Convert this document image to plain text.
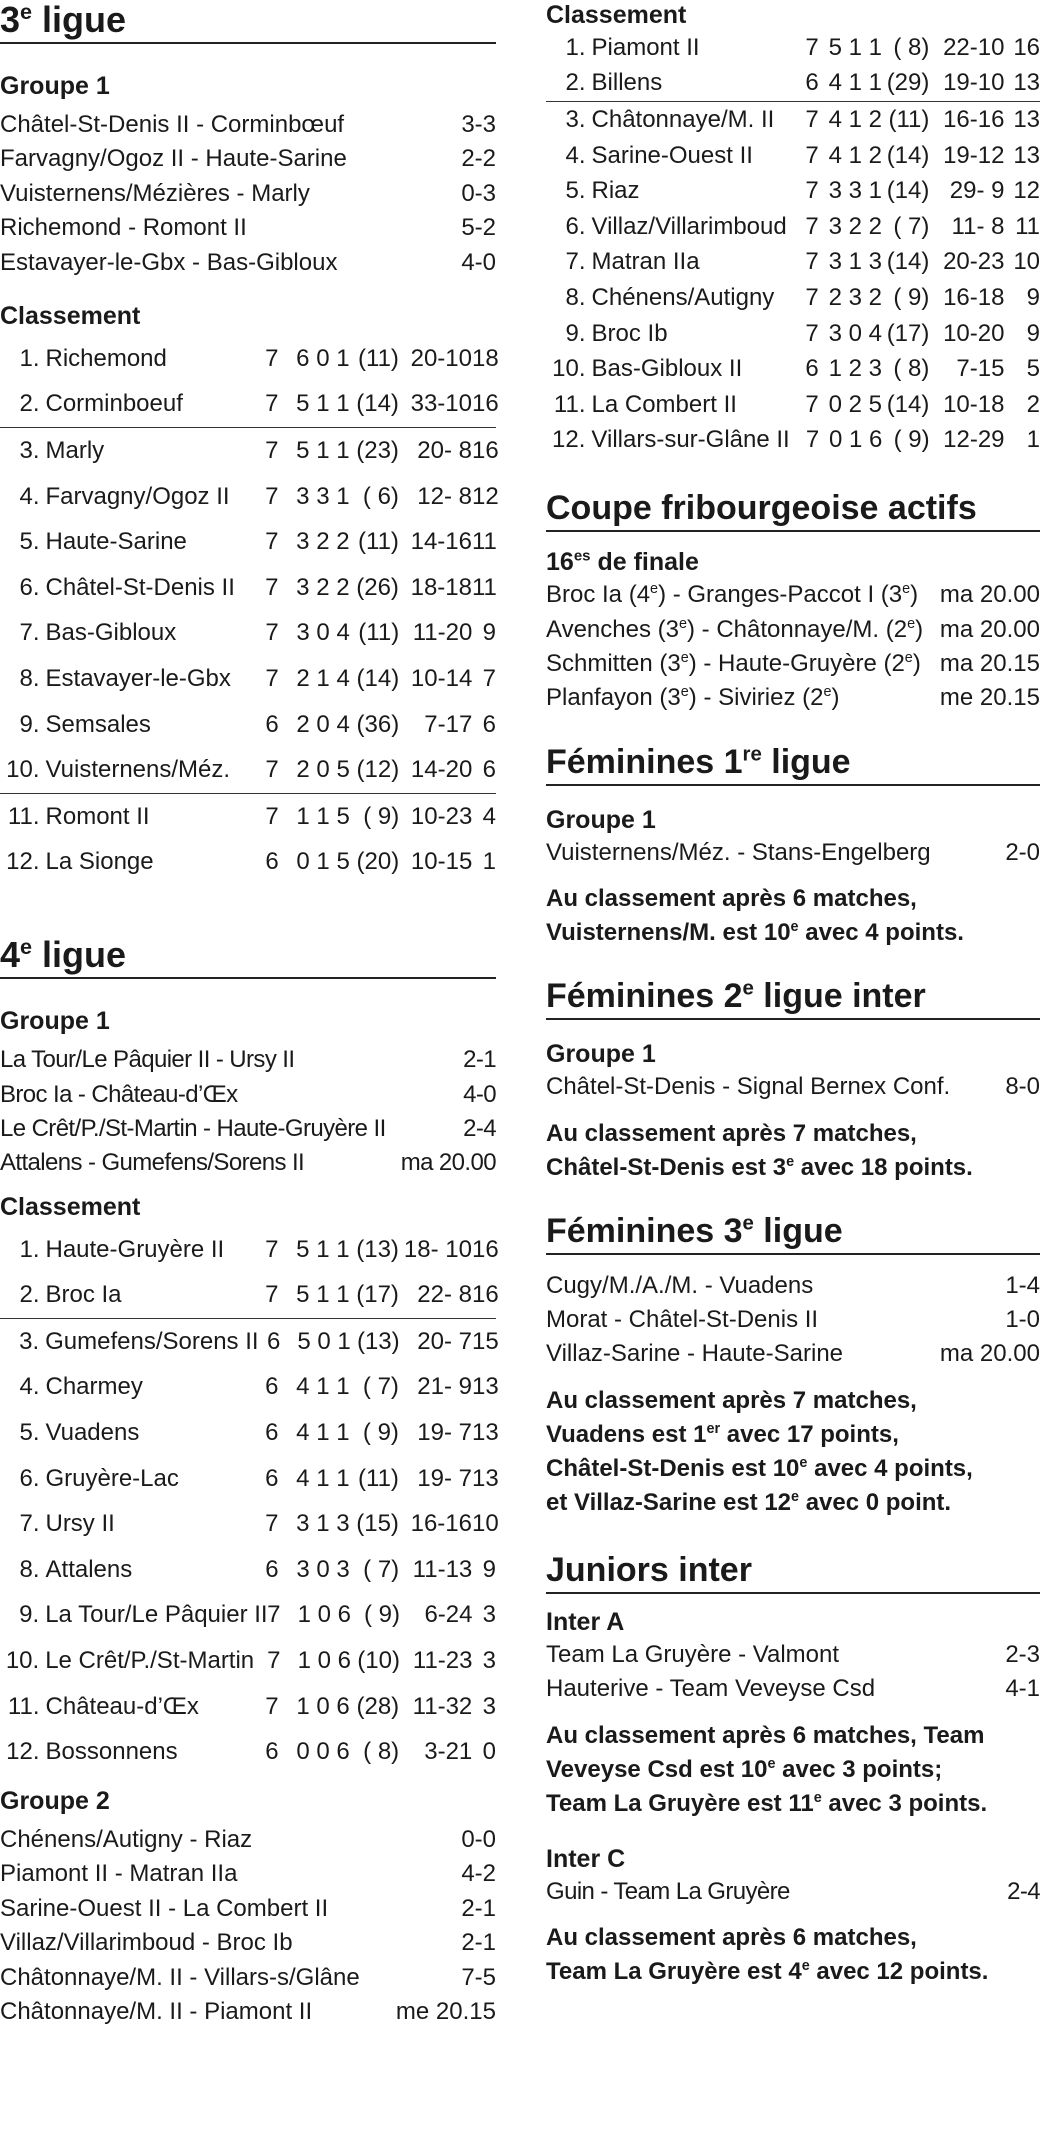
3e ligue
Groupe 1
Châtel-St-Denis II - Corminbœuf	3-3
Farvagny/Ogoz II - Haute-Sarine	2-2
Vuisternens/Mézières - Marly	0-3
Richemond - Romont II	5-2
Estavayer-le-Gbx - Bas-Gibloux	4-0
Classement
1. Richemond	7 6 0 1 (11) 20-10 18
2. Corminboeuf	7 5 1 1 (14) 33-10 16
3. Marly	7 5 1 1 (23) 20- 8 16
4. Farvagny/Ogoz II	7 3 3 1 ( 6) 12- 8 12
5. Haute-Sarine	7 3 2 2 (11) 14-16 11
6. Châtel-St-Denis II	7 3 2 2 (26) 18-18 11
7. Bas-Gibloux	7 3 0 4 (11) 11-20 9
8. Estavayer-le-Gbx	7 2 1 4 (14) 10-14 7
9. Semsales	6 2 0 4 (36)	7-17 6
10. Vuisternens/Méz.	7 2 0 5 (12) 14-20 6
11. Romont II	7 1 1 5 ( 9) 10-23 4
12. La Sionge	6 0 1 5 (20) 10-15 1
4e ligue
Groupe 1
La Tour/Le Pâquier II - Ursy II	2-1
Broc Ia - Château-d’Œx	4-0
Le Crêt/P./St-Martin - Haute-Gruyère II	2-4
Attalens - Gumefens/Sorens II	ma 20.00
Classement
1. Haute-Gruyère II	7 5 1 1 (13) 18- 10 16
2. Broc Ia	7 5 1 1 (17) 22- 8 16
3. Gumefens/Sorens II 6 5 0 1 (13) 20- 7 15
4. Charmey	6 4 1 1 ( 7) 21- 9 13
5. Vuadens	6 4 1 1 ( 9) 19- 7 13
6. Gruyère-Lac	6 4 1 1 (11) 19- 7 13
7. Ursy II	7 3 1 3 (15) 16-16 10
8. Attalens	6 3 0 3 ( 7) 11-13 9
9. La Tour/Le Pâquier II 7 1 0 6 ( 9)	6-24 3
10. Le Crêt/P./St-Martin 7 1 0 6 (10) 11-23 3
11. Château-d’Œx	7 1 0 6 (28) 11-32 3
12. Bossonnens	6 0 0 6 ( 8)	3-21 0
Groupe 2
Chénens/Autigny - Riaz	0-0
Piamont II - Matran IIa	4-2
Sarine-Ouest II - La Combert II	2-1
Villaz/Villarimboud - Broc Ib	2-1
Châtonnaye/M. II - Villars-s/Glâne	7-5
Châtonnaye/M. II - Piamont II	me 20.15
Classement
1. Piamont II	7 5 1 1 ( 8) 22-10 16
2. Billens	6 4 1 1 (29) 19-10 13
3. Châtonnaye/M. II	7 4 1 2 (11) 16-16 13
4. Sarine-Ouest II	7 4 1 2 (14) 19-12 13
5. Riaz	7 3 3 1 (14) 29- 9 12
6. Villaz/Villarimboud 7 3 2 2 ( 7) 11- 8 11
7. Matran IIa	7 3 1 3 (14) 20-23 10
8. Chénens/Autigny	7 2 3 2 ( 9) 16-18 9
9. Broc Ib	7 3 0 4 (17) 10-20 9
10. Bas-Gibloux II	6 1 2 3 ( 8)	7-15 5
11. La Combert II	7 0 2 5 (14) 10-18 2
12. Villars-sur-Glâne II 7 0 1 6 ( 9) 12-29 1
Coupe fribourgeoise actifs
$16^{es}$ de finale
Broc Ia (4e) - Granges-Paccot I (3e) ma 20.00
Avenches (3e) - Châtonnaye/M. (2e) ma 20.00
Schmitten (3e) - Haute-Gruyère (2e) ma 20.15
Planfayon (3e) - Siviriez (2e)	me 20.15
Féminines 1re ligue
Groupe 1
Vuisternens/Méz. - Stans-Engelberg	2-0
Au classement après 6 matches,
Vuisternens/M. est 10e avec 4 points.
Féminines 2e ligue inter
Groupe 1
Châtel-St-Denis - Signal Bernex Conf. 8-0
Au classement après 7 matches,
Châtel-St-Denis est 3e avec 18 points.
Féminines 3e ligue
Cugy/M./A./M. - Vuadens	1-4
Morat - Châtel-St-Denis II	1-0
Villaz-Sarine - Haute-Sarine	ma 20.00
Au classement après 7 matches,
Vuadens est 1er avec 17 points,
Châtel-St-Denis est 10e avec 4 points,
et Villaz-Sarine est 12e avec 0 point.
Juniors inter
Inter A
Team La Gruyère - Valmont	2-3
Hauterive - Team Veveyse Csd	4-1
Au classement après 6 matches, Team
Veveyse Csd est 10e avec 3 points;
Team La Gruyère est 11e avec 3 points.
Inter C
Guin - Team La Gruyère	2-4
Au classement après 6 matches,
Team La Gruyère est 4e avec 12 points.
